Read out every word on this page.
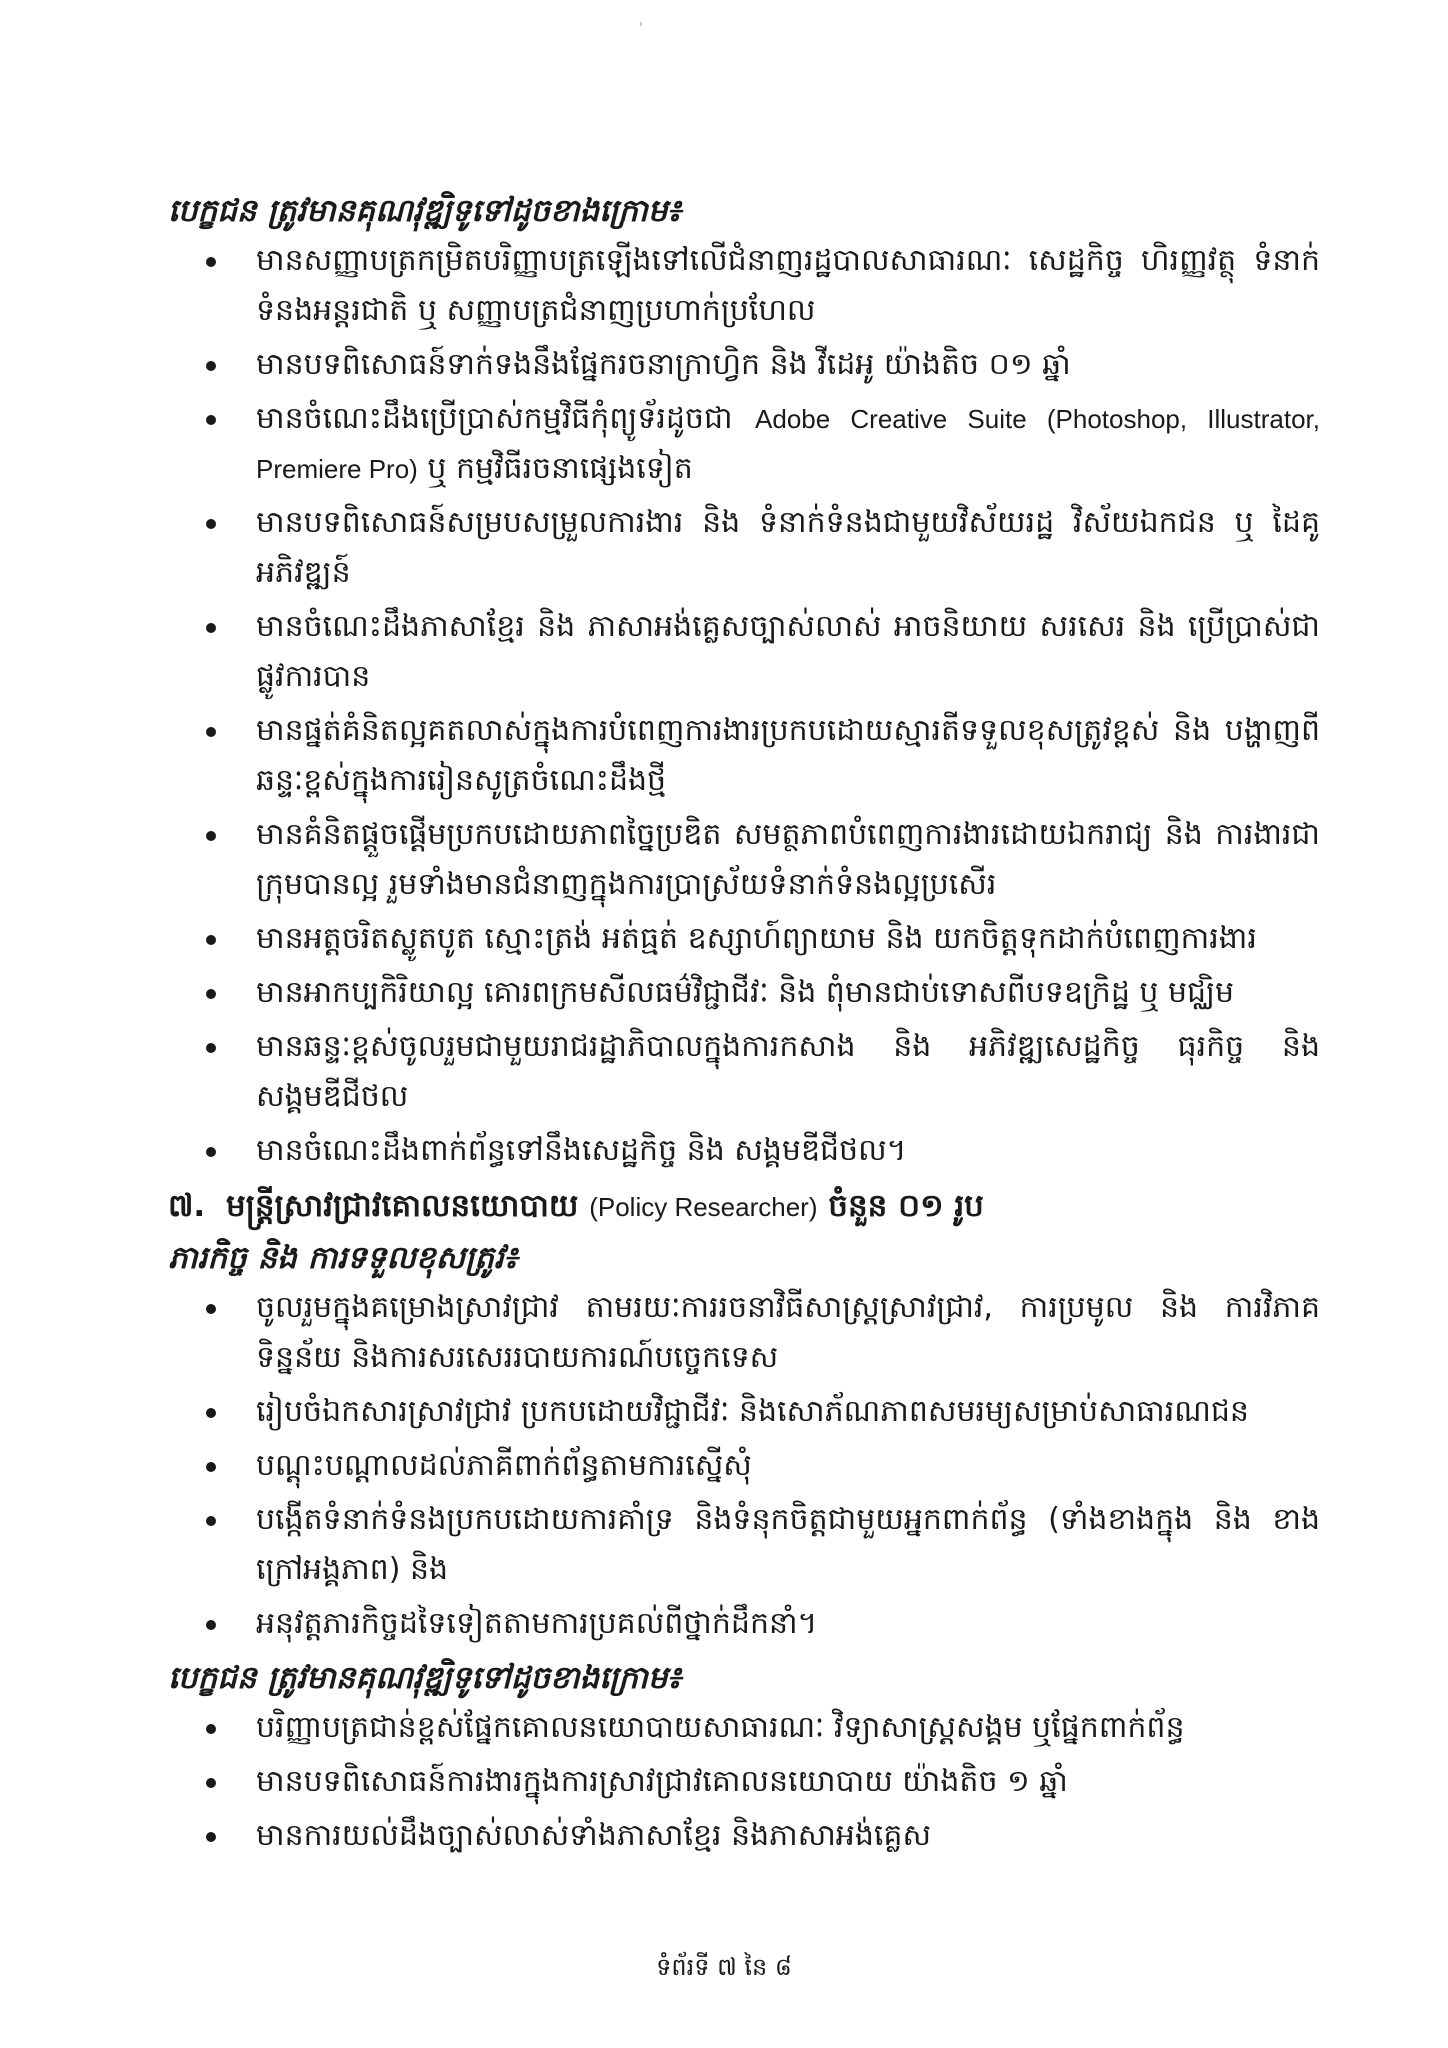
បេក្ខជន ត្រូវមានគុណវុឌ្ឍិទូទៅដូចខាងក្រោម៖

មានសញ្ញាបត្រកម្រិតបរិញ្ញាបត្រឡើងទៅលើជំនាញរដ្ឋបាលសាធារណៈ សេដ្ឋកិច្ច ហិរញ្ញវត្ថុ ទំនាក់ទំនងអន្តរជាតិ ឬ សញ្ញាបត្រជំនាញប្រហាក់ប្រហែល
មានបទពិសោធន៍ទាក់ទងនឹងផ្នែករចនាក្រាហ្វិក និង វីដេអូ យ៉ាងតិច ០១ ឆ្នាំ
មានចំណេះដឹងប្រើប្រាស់កម្មវិធីកុំព្យូទ័រដូចជា Adobe Creative Suite (Photoshop, Illustrator, Premiere Pro) ឬ កម្មវិធីរចនាផ្សេងទៀត
មានបទពិសោធន៍សម្របសម្រួលការងារ និង ទំនាក់ទំនងជាមួយវិស័យរដ្ឋ វិស័យឯកជន ឬ ដៃគូអភិវឌ្ឍន៍
មានចំណេះដឹងភាសាខ្មែរ និង ភាសាអង់គ្លេសច្បាស់លាស់ អាចនិយាយ សរសេរ និង ប្រើប្រាស់ជាផ្លូវការបាន
មានផ្នត់គំនិតល្អគតលាស់ក្នុងការបំពេញការងារប្រកបដោយស្មារតីទទួលខុសត្រូវខ្ពស់ និង បង្ហាញពីឆន្ទៈខ្ពស់ក្នុងការរៀនសូត្រចំណេះដឹងថ្មី
មានគំនិតផ្តួចផ្តើមប្រកបដោយភាពច្នៃប្រឌិត សមត្ថភាពបំពេញការងារដោយឯករាជ្យ និង ការងារជាក្រុមបានល្អ រួមទាំងមានជំនាញក្នុងការប្រាស្រ័យទំនាក់ទំនងល្អប្រសើរ
មានអត្តចរិតស្លូតបូត ស្មោះត្រង់ អត់ធ្មត់ ឧស្សាហ៍ព្យាយាម និង យកចិត្តទុកដាក់បំពេញការងារ
មានអាកប្បកិរិយាល្អ គោរពក្រមសីលធម៌វិជ្ជាជីវៈ និង ពុំមានជាប់ទោសពីបទឧក្រិដ្ឋ ឬ មជ្ឈិម
មានឆន្ទៈខ្ពស់ចូលរួមជាមួយរាជរដ្ឋាភិបាលក្នុងការកសាង និង អភិវឌ្ឍសេដ្ឋកិច្ច ធុរកិច្ច និង សង្គមឌីជីថល
មានចំណេះដឹងពាក់ព័ន្ធទៅនឹងសេដ្ឋកិច្ច និង សង្គមឌីជីថល។

៧. មន្ត្រីស្រាវជ្រាវគោលនយោបាយ (Policy Researcher) ចំនួន ០១ រូប

ភារកិច្ច និង ការទទួលខុសត្រូវ៖

ចូលរួមក្នុងគម្រោងស្រាវជ្រាវ តាមរយៈការរចនាវិធីសាស្ត្រស្រាវជ្រាវ, ការប្រមូល និង ការវិភាគទិន្នន័យ និងការសរសេររបាយការណ៍បច្ចេកទេស
រៀបចំឯកសារស្រាវជ្រាវ ប្រកបដោយវិជ្ជាជីវៈ និងសោភ័ណភាពសមរម្យសម្រាប់សាធារណជន
បណ្តុះបណ្តាលដល់ភាគីពាក់ព័ន្ធតាមការស្នើសុំ
បង្កើតទំនាក់ទំនងប្រកបដោយការគាំទ្រ និងទំនុកចិត្តជាមួយអ្នកពាក់ព័ន្ធ (ទាំងខាងក្នុង និង ខាងក្រៅអង្គភាព) និង
អនុវត្តភារកិច្ចដទៃទៀតតាមការប្រគល់ពីថ្នាក់ដឹកនាំ។

បេក្ខជន ត្រូវមានគុណវុឌ្ឍិទូទៅដូចខាងក្រោម៖

បរិញ្ញាបត្រជាន់ខ្ពស់ផ្នែកគោលនយោបាយសាធារណៈ វិទ្យាសាស្ត្រសង្គម ឬផ្នែកពាក់ព័ន្ធ
មានបទពិសោធន៍ការងារក្នុងការស្រាវជ្រាវគោលនយោបាយ យ៉ាងតិច ១ ឆ្នាំ
មានការយល់ដឹងច្បាស់លាស់ទាំងភាសាខ្មែរ និងភាសាអង់គ្លេស
ទំព័រទី ៧ នៃ ៨
